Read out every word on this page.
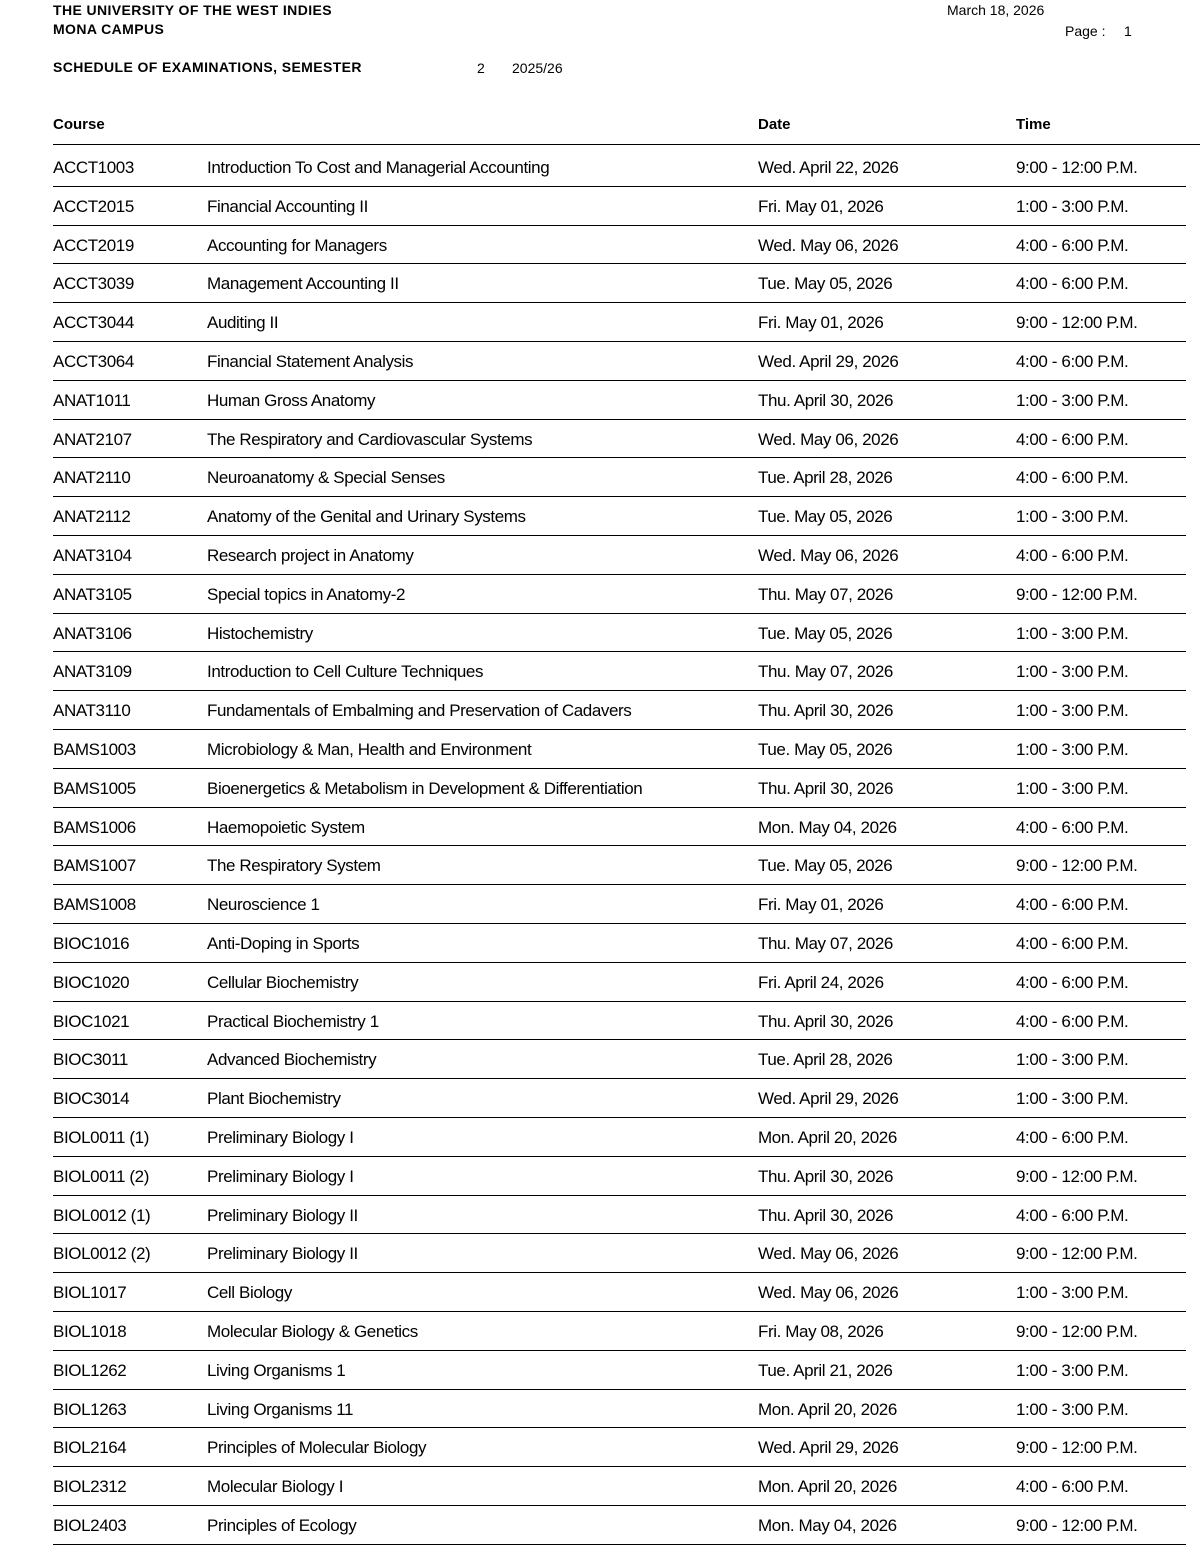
THE UNIVERSITY OF THE WEST INDIES
MONA CAMPUS
March 18, 2026
Page : 1
SCHEDULE OF EXAMINATIONS, SEMESTER	2 2025/26
Course	Date	Time
ACCT1003	Introduction To Cost and Managerial Accounting	Wed. April 22, 2026	9:00 - 12:00 P.M.
ACCT2015	Financial Accounting II	Fri. May 01, 2026	1:00 - 3:00 P.M.
ACCT2019	Accounting for Managers	Wed. May 06, 2026	4:00 - 6:00 P.M.
ACCT3039	Management Accounting II	Tue. May 05, 2026	4:00 - 6:00 P.M.
ACCT3044	Auditing II	Fri. May 01, 2026	9:00 - 12:00 P.M.
ACCT3064	Financial Statement Analysis	Wed. April 29, 2026	4:00 - 6:00 P.M.
ANAT1011	Human Gross Anatomy	Thu. April 30, 2026	1:00 - 3:00 P.M.
ANAT2107	The Respiratory and Cardiovascular Systems	Wed. May 06, 2026	4:00 - 6:00 P.M.
ANAT2110	Neuroanatomy & Special Senses	Tue. April 28, 2026	4:00 - 6:00 P.M.
ANAT2112	Anatomy of the Genital and Urinary Systems	Tue. May 05, 2026	1:00 - 3:00 P.M.
ANAT3104	Research project in Anatomy	Wed. May 06, 2026	4:00 - 6:00 P.M.
ANAT3105	Special topics in Anatomy-2	Thu. May 07, 2026	9:00 - 12:00 P.M.
ANAT3106	Histochemistry	Tue. May 05, 2026	1:00 - 3:00 P.M.
ANAT3109	Introduction to Cell Culture Techniques	Thu. May 07, 2026	1:00 - 3:00 P.M.
ANAT3110	Fundamentals of Embalming and Preservation of Cadavers	Thu. April 30, 2026	1:00 - 3:00 P.M.
BAMS1003	Microbiology & Man, Health and Environment	Tue. May 05, 2026	1:00 - 3:00 P.M.
BAMS1005	Bioenergetics & Metabolism in Development & Differentiation	Thu. April 30, 2026	1:00 - 3:00 P.M.
BAMS1006	Haemopoietic System	Mon. May 04, 2026	4:00 - 6:00 P.M.
BAMS1007	The Respiratory System	Tue. May 05, 2026	9:00 - 12:00 P.M.
BAMS1008	Neuroscience 1	Fri. May 01, 2026	4:00 - 6:00 P.M.
BIOC1016	Anti-Doping in Sports	Thu. May 07, 2026	4:00 - 6:00 P.M.
BIOC1020	Cellular Biochemistry	Fri. April 24, 2026	4:00 - 6:00 P.M.
BIOC1021	Practical Biochemistry 1	Thu. April 30, 2026	4:00 - 6:00 P.M.
BIOC3011	Advanced Biochemistry	Tue. April 28, 2026	1:00 - 3:00 P.M.
BIOC3014	Plant Biochemistry	Wed. April 29, 2026	1:00 - 3:00 P.M.
BIOL0011 (1)	Preliminary Biology I	Mon. April 20, 2026	4:00 - 6:00 P.M.
BIOL0011 (2)	Preliminary Biology I	Thu. April 30, 2026	9:00 - 12:00 P.M.
BIOL0012 (1)	Preliminary Biology II	Thu. April 30, 2026	4:00 - 6:00 P.M.
BIOL0012 (2)	Preliminary Biology II	Wed. May 06, 2026	9:00 - 12:00 P.M.
BIOL1017	Cell Biology	Wed. May 06, 2026	1:00 - 3:00 P.M.
BIOL1018	Molecular Biology & Genetics	Fri. May 08, 2026	9:00 - 12:00 P.M.
BIOL1262	Living Organisms 1	Tue. April 21, 2026	1:00 - 3:00 P.M.
BIOL1263	Living Organisms 11	Mon. April 20, 2026	1:00 - 3:00 P.M.
BIOL2164	Principles of Molecular Biology	Wed. April 29, 2026	9:00 - 12:00 P.M.
BIOL2312	Molecular Biology I	Mon. April 20, 2026	4:00 - 6:00 P.M.
BIOL2403	Principles of Ecology	Mon. May 04, 2026	9:00 - 12:00 P.M.
